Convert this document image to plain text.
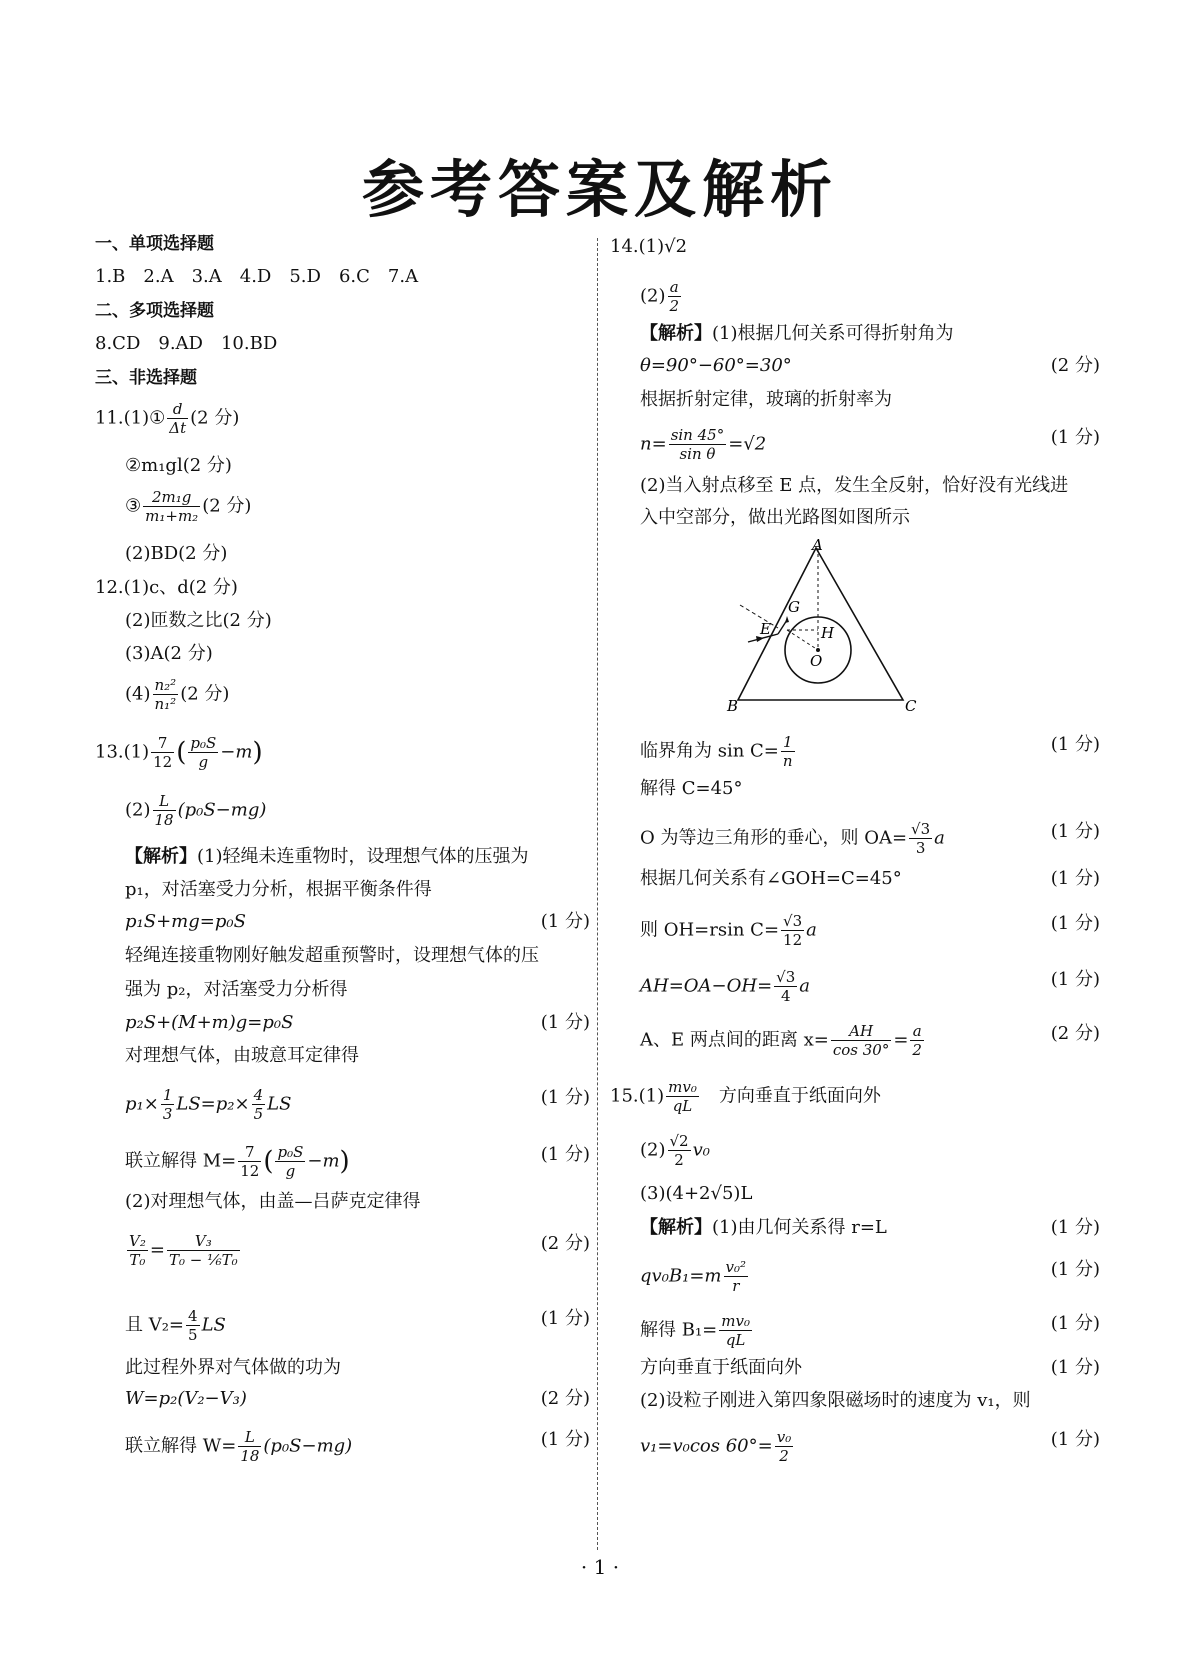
参考答案及解析
一、单项选择题
1.B　2.A　3.A　4.D　5.D　6.C　7.A
二、多项选择题
8.CD　9.AD　10.BD
三、非选择题
11.(1)① $\frac{d}{\Delta t} (2$ 分)
②m₁gl(2 分)
③ $\frac{\text{2m₁g}}{\text{m₁+m₂}} (2$ 分)
(2)BD(2 分)
12.(1)c、d(2 分)
(2)匝数之比(2 分)
(3)A(2 分)
$(4) \frac{\text{n₂²}}{\text{n₁²}} (2$ 分)
$13.(1) \frac{7}{12}$ ( $\frac{\text{p₀S}}{g} -m$)
$(2) \frac{L}{18} (p_0S-mg)$
【解析】(1)轻绳未连重物时，设理想气体的压强为
p₁，对活塞受力分析，根据平衡条件得
p₁S+mg=p₀S	(1 分)
轻绳连接重物刚好触发超重预警时，设理想气体的压
强为 p₂，对活塞受力分析得
p₂S+(M+m)g=p₀S	(1 分)
对理想气体，由玻意耳定律得
$p_1\times \frac{1}{3} LS=p_2\times \frac{4}{5}$ LS	(1 分)
联立解得 $M= \frac{7}{12}$ ( $\frac{\text{p₀S}}{g} -m$)	(1 分)
(2)对理想气体，由盖—吕萨克定律得
$\frac{\text{V₂}}{\text{T₀}} = \frac{\text{V₃}}{\text{T₀ − ⅙T₀}}$	(2 分)
且 $V_2= \frac{4}{5}$ LS	(1 分)
此过程外界对气体做的功为
W=p₂(V₂−V₃)	(2 分)
联立解得 $W= \frac{L}{18} (p_0S-mg)$	(1 分)
14.(1)√2
$(2) \frac{a}{2}$
【解析】(1)根据几何关系可得折射角为
θ=90°−60°=30°	(2 分)
根据折射定律，玻璃的折射率为
$n= \frac{\sin 45^\circ}{\text{sin θ}} =√2$	(1 分)
(2)当入射点移至 E 点，发生全反射，恰好没有光线进
入中空部分，做出光路图如图所示
A
B	C
E
G
H
O
临界角为 $\sin C= \frac{1}{n}$	(1 分)
解得 C=45°
O 为等边三角形的垂心，则 $OA= \frac{√3}{3}$ a	(1 分)
根据几何关系有∠GOH=C=45°	(1 分)
则 OH=rsin $C= \frac{√3}{12}$ a	(1 分)
$AH=OA-OH= \frac{√3}{4}$ a	(1 分)
A、E 两点间的距离 $x= \frac{AH}{\cos 30^\circ} = \frac{a}{2}$	(2 分)
$15.(1) \frac{\text{mv₀}}{qL}$ 　方向垂直于纸面向外
$(2) \frac{√2}{2} v_0$
(3)(4+2√5)L
【解析】(1)由几何关系得 r=L	(1 分)
$qv_0B_1=m \frac{\text{v₀²}}{r}$	(1 分)
解得 $B_1= \frac{\text{mv₀}}{qL}$	(1 分)
方向垂直于纸面向外	(1 分)
(2)设粒子刚进入第四象限磁场时的速度为 v₁，则
v₁=v₀cos $60^\circ= \frac{\text{v₀}}{2}$	(1 分)
· 1 ·
